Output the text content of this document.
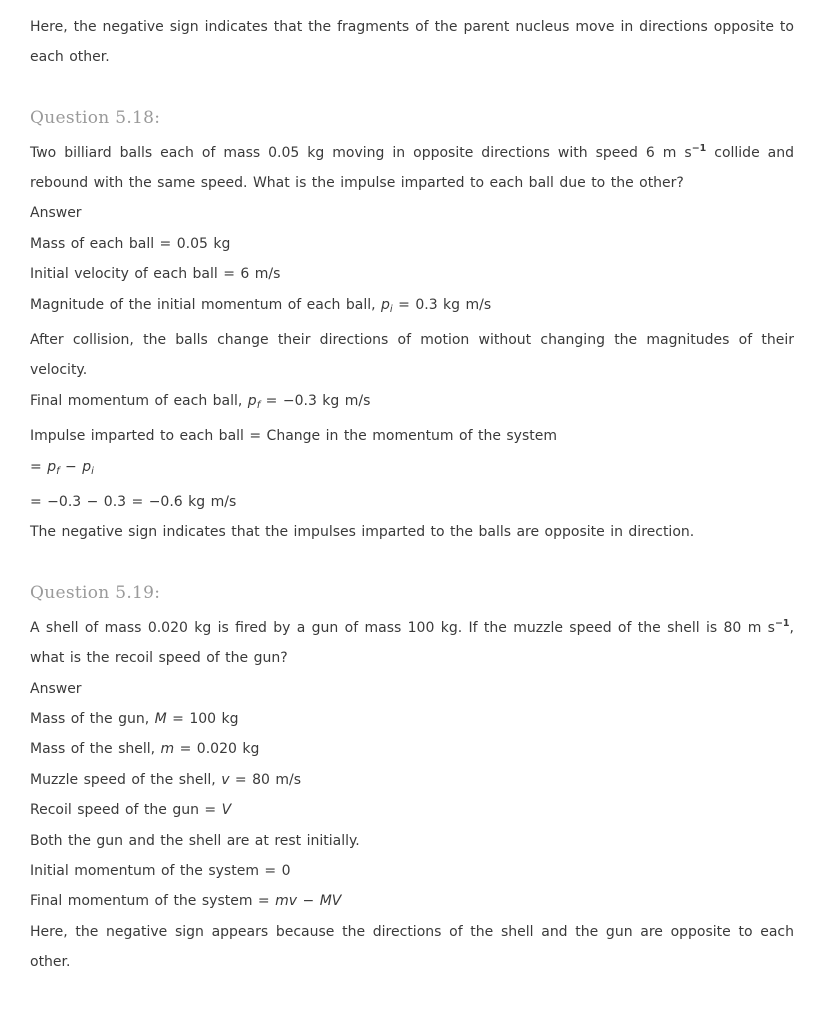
Here, the negative sign indicates that the fragments of the parent nucleus move in directions opposite to each other.

Question 5.18:

Two billiard balls each of mass 0.05 kg moving in opposite directions with speed 6 m $s^{-1}$ collide and rebound with the same speed. What is the impulse imparted to each ball due to the other?

Answer

Mass of each ball = 0.05 kg

Initial velocity of each ball = 6 m/s

Magnitude of the initial momentum of each ball, $p_i = 0.3$ kg m/s

After collision, the balls change their directions of motion without changing the magnitudes of their velocity.

Final momentum of each ball, $p_f = -0.3$ kg m/s

Impulse imparted to each ball = Change in the momentum of the system

= $p_f - p_i$

= −0.3 − 0.3 = −0.6 kg m/s

The negative sign indicates that the impulses imparted to the balls are opposite in direction.

Question 5.19:

A shell of mass 0.020 kg is fired by a gun of mass 100 kg. If the muzzle speed of the shell is 80 m $s^{-1}$, what is the recoil speed of the gun?

Answer

Mass of the gun, M = 100 kg

Mass of the shell, m = 0.020 kg

Muzzle speed of the shell, v = 80 m/s

Recoil speed of the gun = V

Both the gun and the shell are at rest initially.

Initial momentum of the system = 0

Final momentum of the system = mv − MV

Here, the negative sign appears because the directions of the shell and the gun are opposite to each other.
